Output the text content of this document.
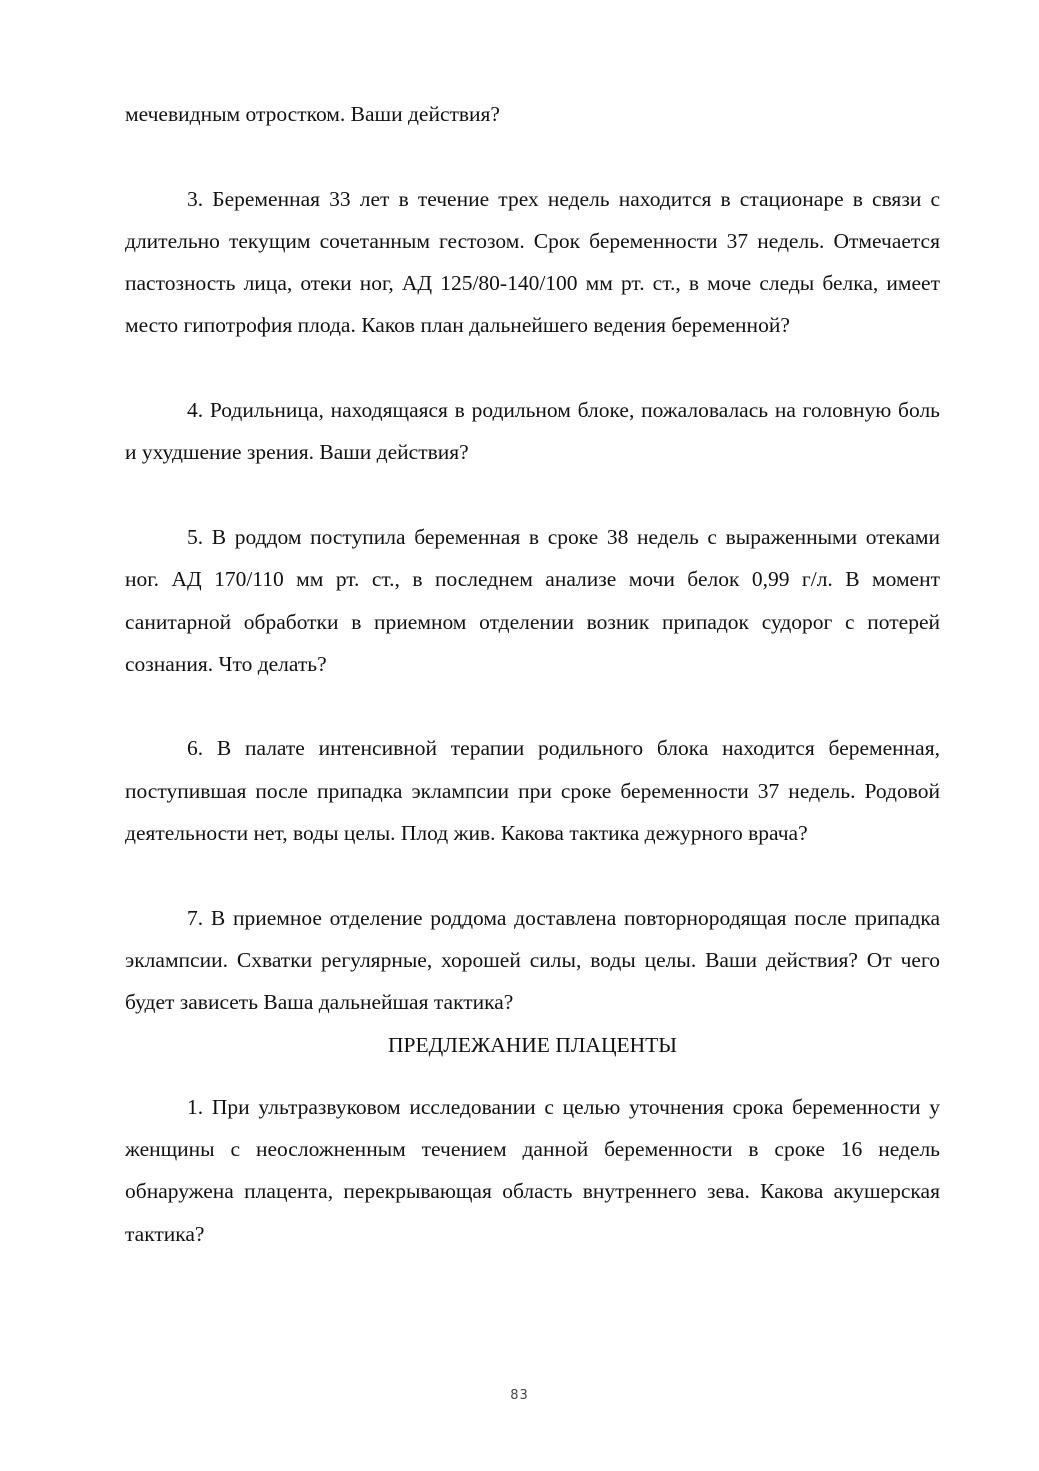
мечевидным отростком. Ваши действия?

3. Беременная 33 лет в течение трех недель находится в стационаре в связи с длительно текущим сочетанным гестозом. Срок беременности 37 недель. Отмечается пастозность лица, отеки ног, АД 125/80-140/100 мм рт. ст., в моче следы белка, имеет место гипотрофия плода. Каков план дальнейшего ведения беременной?

4. Родильница, находящаяся в родильном блоке, пожаловалась на головную боль и ухудшение зрения. Ваши действия?

5. В роддом поступила беременная в сроке 38 недель с выраженными отеками ног. АД 170/110 мм рт. ст., в последнем анализе мочи белок 0,99 г/л. В момент санитарной обработки в приемном отделении возник припадок судорог с потерей сознания. Что делать?

6. В палате интенсивной терапии родильного блока находится беременная, поступившая после припадка эклампсии при сроке беременности 37 недель. Родовой деятельности нет, воды целы. Плод жив. Какова тактика дежурного врача?

7. В приемное отделение роддома доставлена повторнородящая после припадка эклампсии. Схватки регулярные, хорошей силы, воды целы. Ваши действия? От чего будет зависеть Ваша дальнейшая тактика?

ПРЕДЛЕЖАНИЕ ПЛАЦЕНТЫ

1. При ультразвуковом исследовании с целью уточнения срока беременности у женщины с неосложненным течением данной беременности в сроке 16 недель обнаружена плацента, перекрывающая область внутреннего зева. Какова акушерская тактика?

83
